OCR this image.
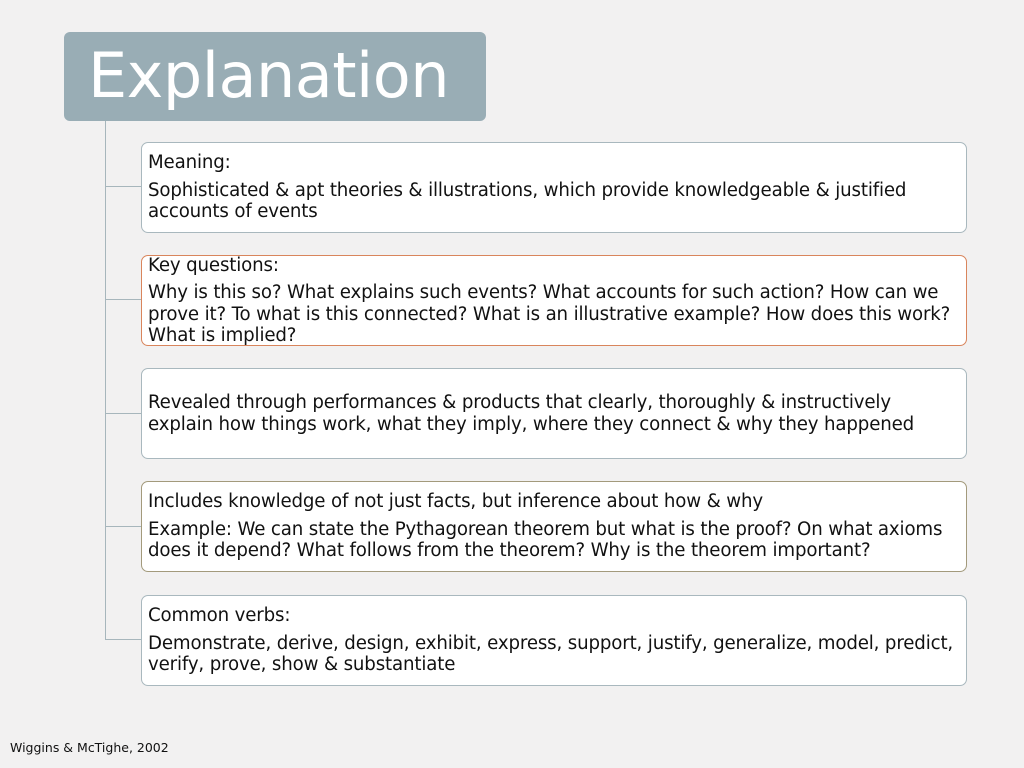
Explanation
Meaning:
Sophisticated & apt theories & illustrations, which provide knowledgeable & justified accounts of events
Key questions:
Why is this so? What explains such events? What accounts for such action? How can we prove it? To what is this connected? What is an illustrative example? How does this work? What is implied?
Revealed through performances & products that clearly, thoroughly & instructively explain how things work, what they imply, where they connect & why they happened
Includes knowledge of not just facts, but inference about how & why
Example: We can state the Pythagorean theorem but what is the proof? On what axioms does it depend? What follows from the theorem? Why is the theorem important?
Common verbs:
Demonstrate, derive, design, exhibit, express, support, justify, generalize, model, predict, verify, prove, show & substantiate
Wiggins & McTighe, 2002
